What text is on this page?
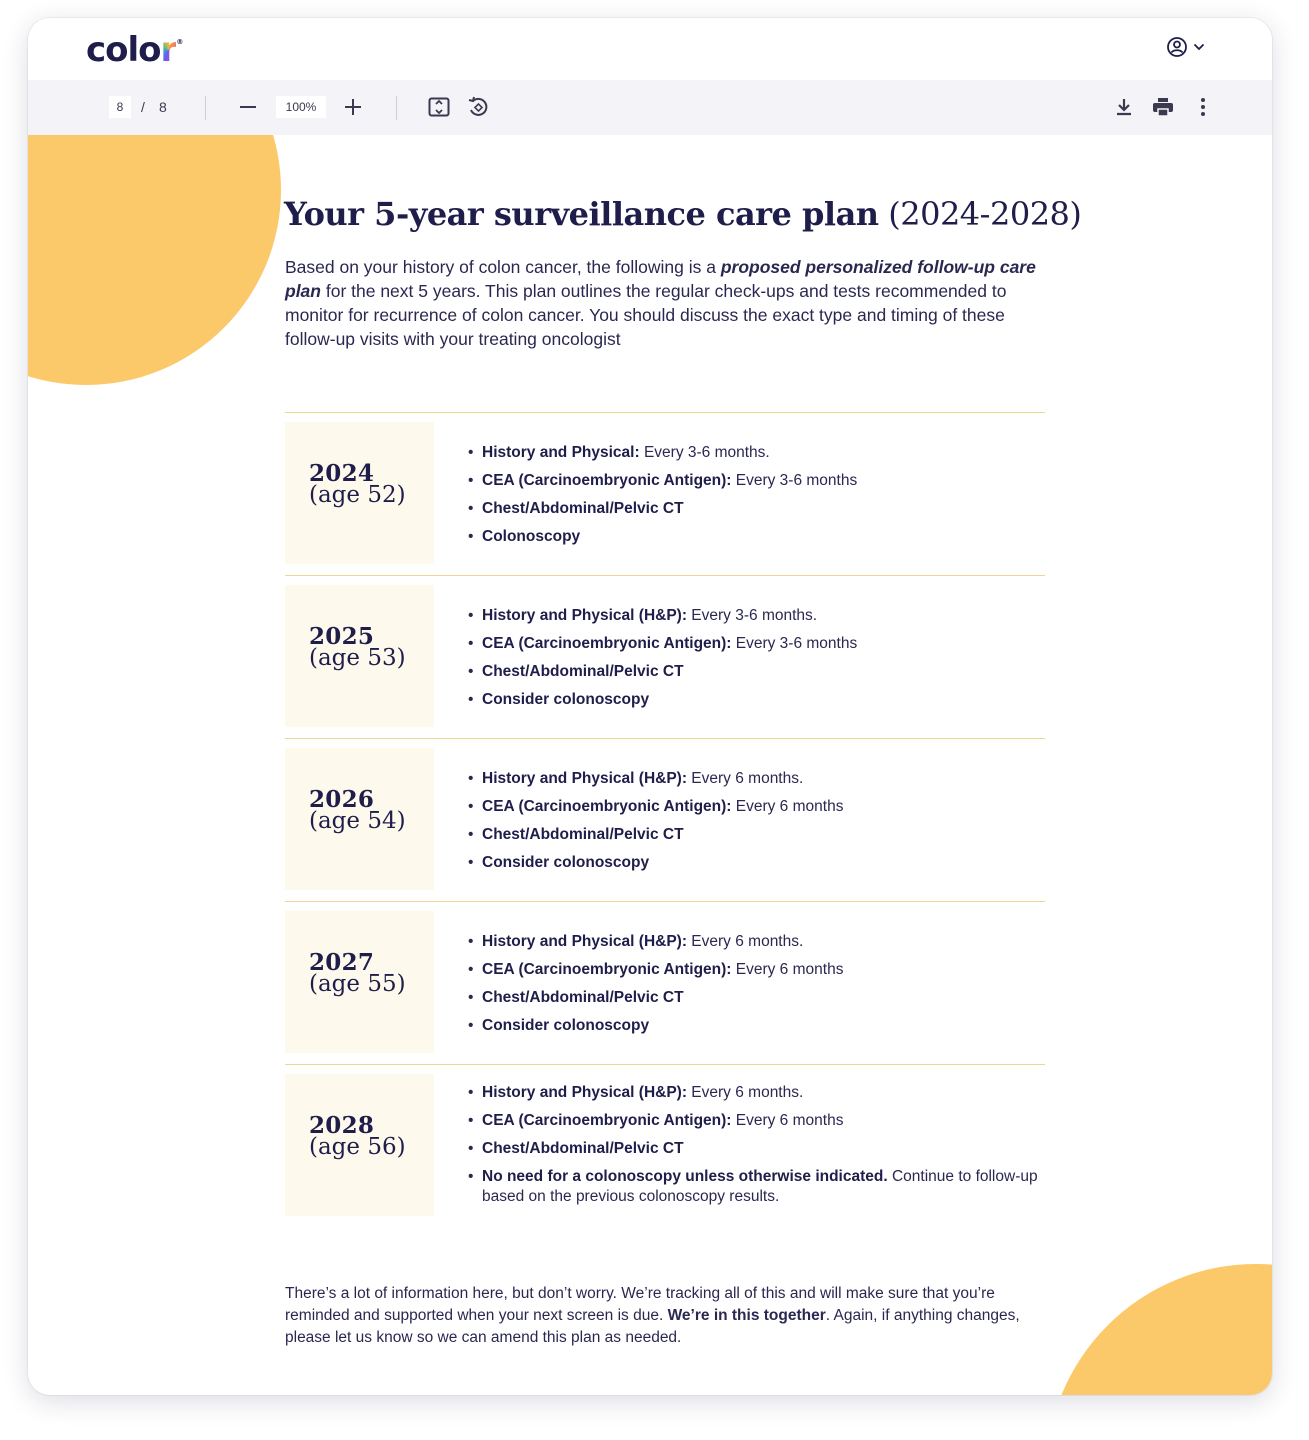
color®
8
/ 8
100%
Your 5-year surveillance care plan (2024-2028)

Based on your history of colon cancer, the following is a proposed personalized follow-up care plan for the next 5 years. This plan outlines the regular check-ups and tests recommended to monitor for recurrence of colon cancer. You should discuss the exact type and timing of these follow-up visits with your treating oncologist

2024
(age 52)
• History and Physical: Every 3-6 months.
• CEA (Carcinoembryonic Antigen): Every 3-6 months
• Chest/Abdominal/Pelvic CT
• Colonoscopy
2025
(age 53)
• History and Physical (H&P): Every 3-6 months.
• CEA (Carcinoembryonic Antigen): Every 3-6 months
• Chest/Abdominal/Pelvic CT
• Consider colonoscopy
2026
(age 54)
• History and Physical (H&P): Every 6 months.
• CEA (Carcinoembryonic Antigen): Every 6 months
• Chest/Abdominal/Pelvic CT
• Consider colonoscopy
2027
(age 55)
• History and Physical (H&P): Every 6 months.
• CEA (Carcinoembryonic Antigen): Every 6 months
• Chest/Abdominal/Pelvic CT
• Consider colonoscopy
2028
(age 56)
• History and Physical (H&P): Every 6 months.
• CEA (Carcinoembryonic Antigen): Every 6 months
• Chest/Abdominal/Pelvic CT
• No need for a colonoscopy unless otherwise indicated. Continue to follow-up based on the previous colonoscopy results.

There’s a lot of information here, but don’t worry. We’re tracking all of this and will make sure that you’re reminded and supported when your next screen is due. We’re in this together. Again, if anything changes, please let us know so we can amend this plan as needed.
